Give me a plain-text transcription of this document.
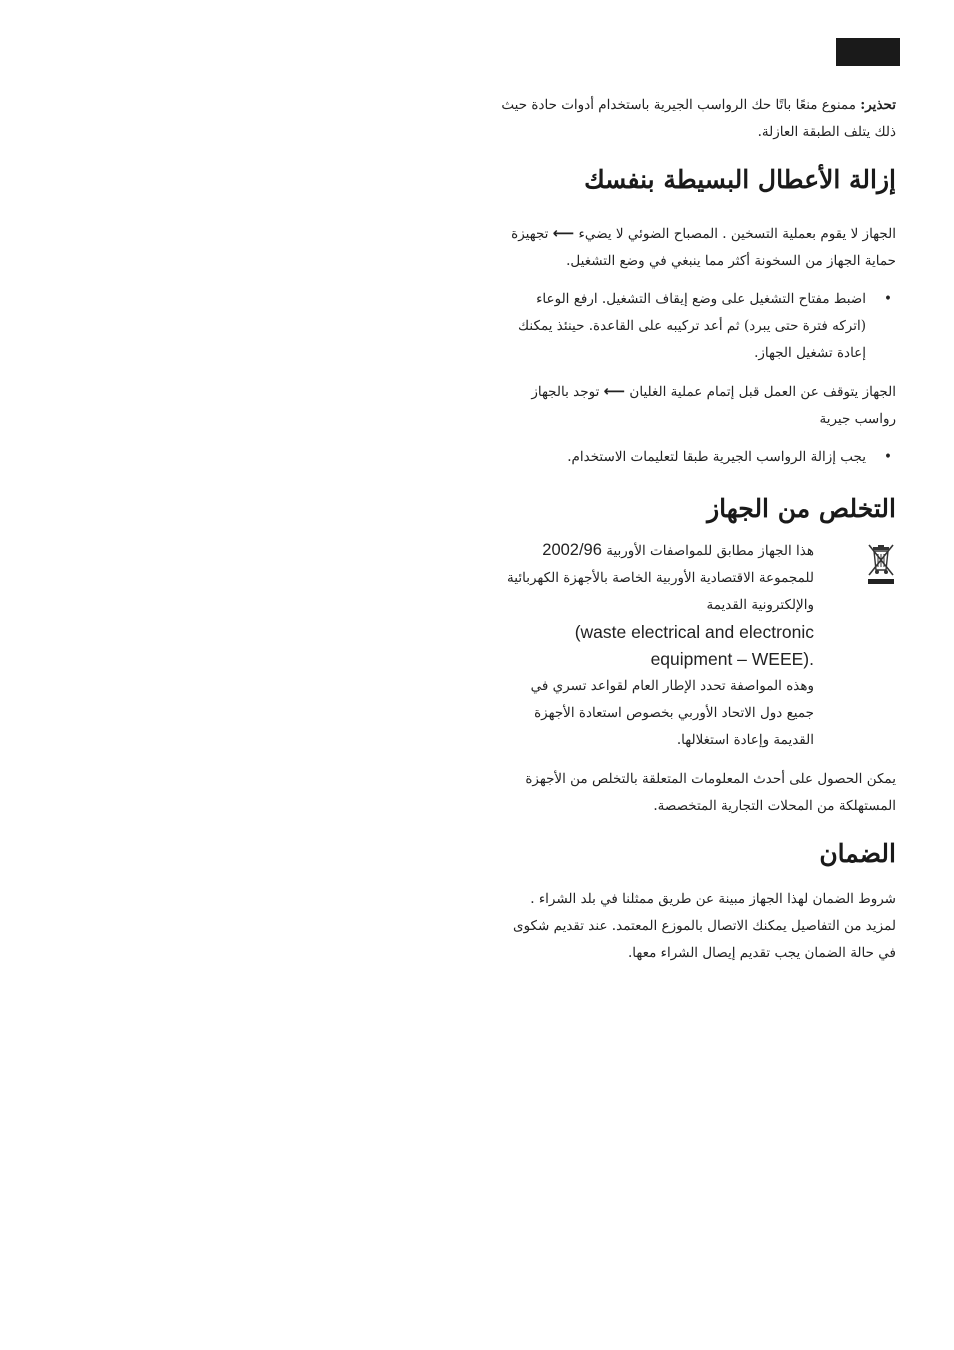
تحذير: ممنوع منعًا باتًا حك الرواسب الجيرية باستخدام أدوات حادة حيث ذلك يتلف الطبقة العازلة.

إزالة الأعطال البسيطة بنفسك

الجهاز لا يقوم بعملية التسخين . المصباح الضوئي لا يضيء ⟵ تجهيزة حماية الجهاز من السخونة أكثر مما ينبغي في وضع التشغيل.

• اضبط مفتاح التشغيل على وضع إيقاف التشغيل. ارفع الوعاء (اتركه فترة حتى يبرد) ثم أعد تركيبه على القاعدة. حينئذ يمكنك إعادة تشغيل الجهاز.

الجهاز يتوقف عن العمل قبل إتمام عملية الغليان ⟵ توجد بالجهاز رواسب جيرية

• يجب إزالة الرواسب الجيرية طبقا لتعليمات الاستخدام.
التخلص من الجهاز

هذا الجهاز مطابق للمواصفات الأوربية 2002/96 للمجموعة الاقتصادية الأوربية الخاصة بالأجهزة الكهربائية والإلكترونية القديمة

waste electrical and electronic)
.(equipment – WEEE

وهذه المواصفة تحدد الإطار العام لقواعد تسري في جميع دول الاتحاد الأوربي بخصوص استعادة الأجهزة القديمة وإعادة استغلالها.

يمكن الحصول على أحدث المعلومات المتعلقة بالتخلص من الأجهزة المستهلكة من المحلات التجارية المتخصصة.

الضمان

شروط الضمان لهذا الجهاز مبينة عن طريق ممثلنا في بلد الشراء . لمزيد من التفاصيل يمكنك الاتصال بالموزع المعتمد. عند تقديم شكوى في حالة الضمان يجب تقديم إيصال الشراء معها.
